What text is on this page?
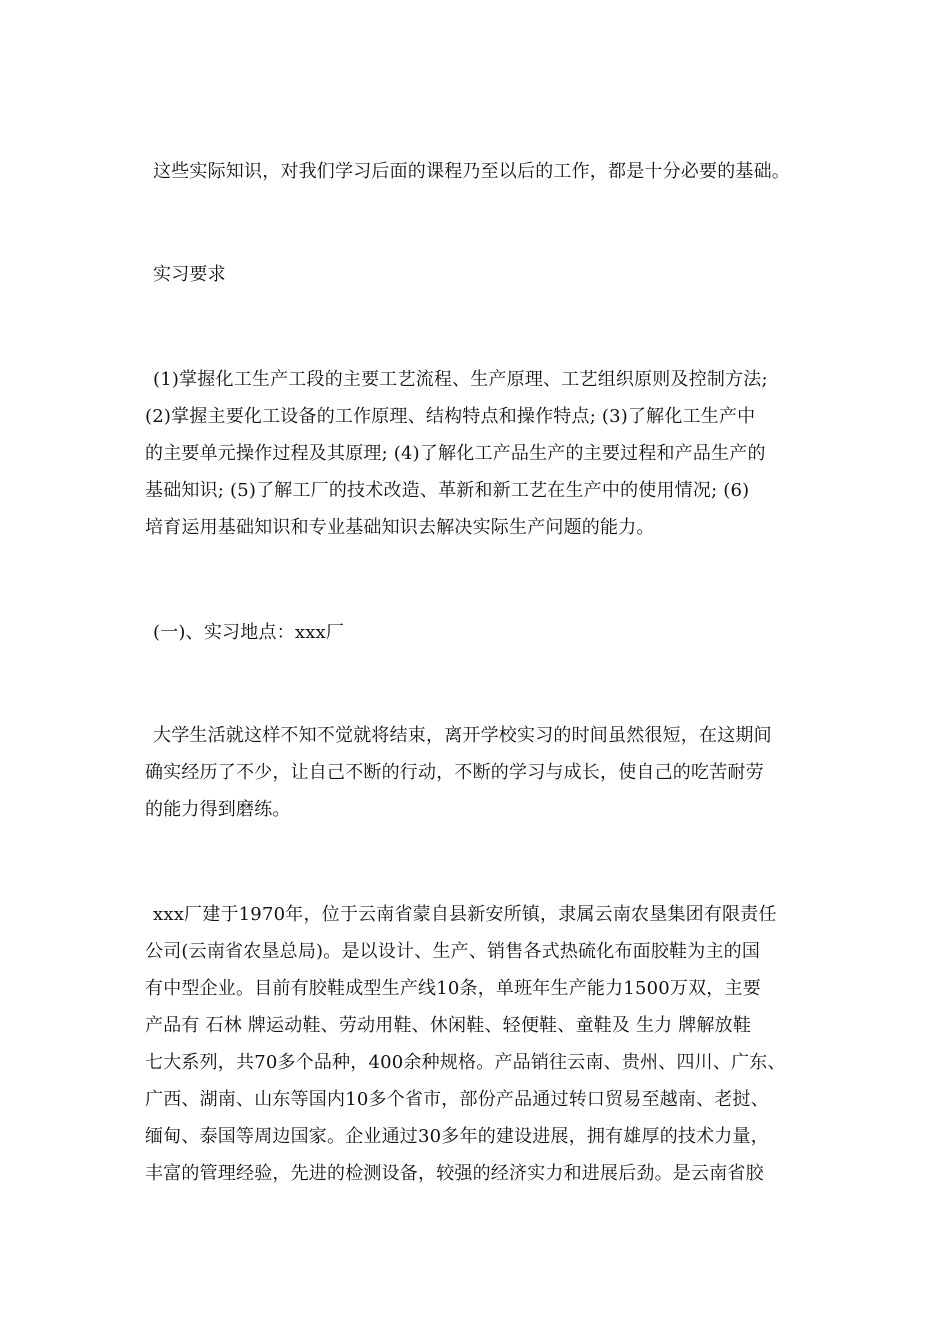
这些实际知识，对我们学习后面的课程乃至以后的工作，都是十分必要的基础。

实习要求

(1)掌握化工生产工段的主要工艺流程、生产原理、工艺组织原则及控制方法;
(2)掌握主要化工设备的工作原理、结构特点和操作特点; (3)了解化工生产中
的主要单元操作过程及其原理; (4)了解化工产品生产的主要过程和产品生产的
基础知识; (5)了解工厂的技术改造、革新和新工艺在生产中的使用情况; (6)
培育运用基础知识和专业基础知识去解决实际生产问题的能力。

(一)、实习地点：xxx厂

大学生活就这样不知不觉就将结束，离开学校实习的时间虽然很短，在这期间
确实经历了不少，让自己不断的行动，不断的学习与成长，使自己的吃苦耐劳
的能力得到磨练。

xxx厂建于1970年，位于云南省蒙自县新安所镇，隶属云南农垦集团有限责任
公司(云南省农垦总局)。是以设计、生产、销售各式热硫化布面胶鞋为主的国
有中型企业。目前有胶鞋成型生产线10条，单班年生产能力1500万双，主要
产品有 石林 牌运动鞋、劳动用鞋、休闲鞋、轻便鞋、童鞋及 生力 牌解放鞋
七大系列，共70多个品种，400余种规格。产品销往云南、贵州、四川、广东、
广西、湖南、山东等国内10多个省市，部份产品通过转口贸易至越南、老挝、
缅甸、泰国等周边国家。企业通过30多年的建设进展，拥有雄厚的技术力量，
丰富的管理经验，先进的检测设备，较强的经济实力和进展后劲。是云南省胶
